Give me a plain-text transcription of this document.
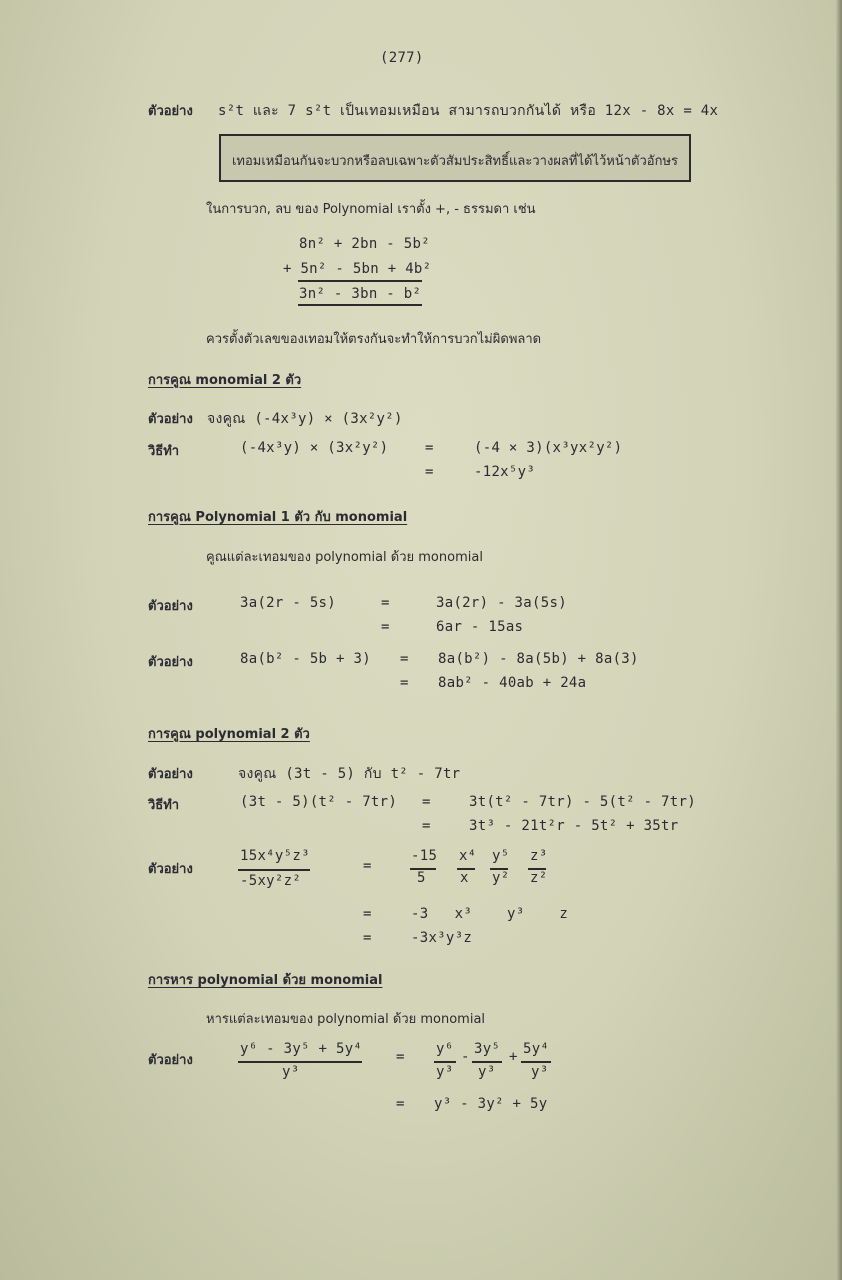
(277)
ตัวอย่าง s²t และ 7 s²t เป็นเทอมเหมือน สามารถบวกกันได้ หรือ 12x - 8x = 4x
เทอมเหมือนกันจะบวกหรือลบเฉพาะตัวสัมประสิทธิ์และวางผลที่ได้ไว้หน้าตัวอักษร
ในการบวก, ลบ ของ Polynomial เราตั้ง +, - ธรรมดา เช่น
8n² + 2bn - 5b²
+ 5n² - 5bn + 4b²
3n² - 3bn - b²
ควรตั้งตัวเลขของเทอมให้ตรงกันจะทำให้การบวกไม่ผิดพลาด
การคูณ monomial 2 ตัว
ตัวอย่าง จงคูณ (-4x³y) × (3x²y²)
วิธีทำ	(-4x³y) × (3x²y²)	=	(-4 × 3)(x³yx²y²)
=	-12x⁵y³
การคูณ Polynomial 1 ตัว กับ monomial
คูณแต่ละเทอมของ polynomial ด้วย monomial
ตัวอย่าง	3a(2r - 5s)	=	3a(2r) - 3a(5s)
=	6ar - 15as
ตัวอย่าง	8a(b² - 5b + 3) = 8a(b²) - 8a(5b) + 8a(3)
= 8ab² - 40ab + 24a
การคูณ polynomial 2 ตัว
ตัวอย่าง	จงคูณ (3t - 5) กับ t² - 7tr
วิธีทำ	(3t - 5)(t² - 7tr) =	3t(t² - 7tr) - 5(t² - 7tr)
=	3t³ - 21t²r - 5t² + 35tr
ตัวอย่าง
15x⁴y⁵z³
-5xy²z²
=
-15
5
x⁴
x
y⁵
y²
z³
z²
=	-3   x³    y³    z
=	-3x³y³z
การหาร polynomial ด้วย monomial
หารแต่ละเทอมของ polynomial ด้วย monomial
ตัวอย่าง
y⁶ - 3y⁵ + 5y⁴
y³
= y⁶
y³
- 3y⁵
y³
+ 5y⁴
y³
= y³ - 3y² + 5y
